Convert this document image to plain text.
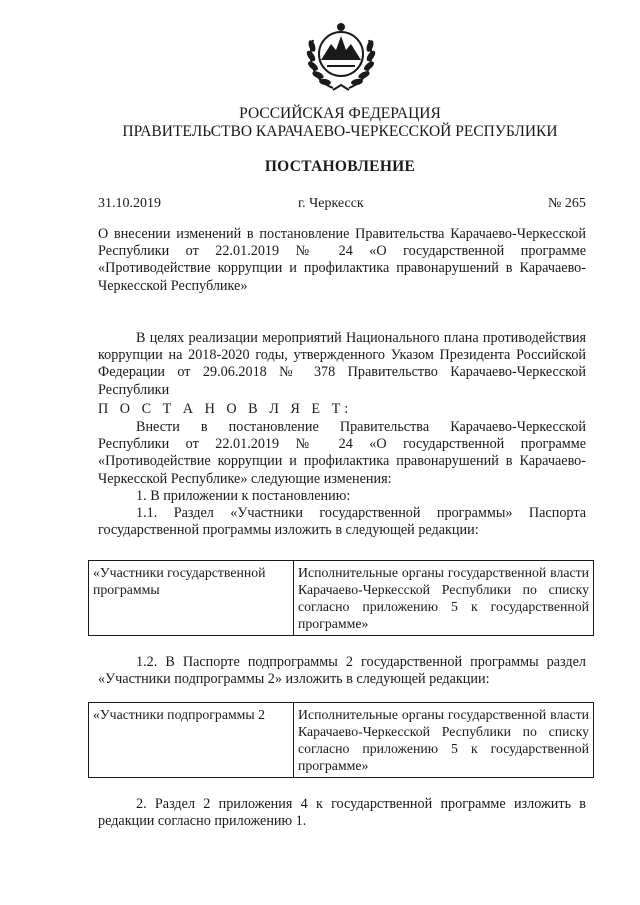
РОССИЙСКАЯ ФЕДЕРАЦИЯ
ПРАВИТЕЛЬСТВО КАРАЧАЕВО-ЧЕРКЕССКОЙ РЕСПУБЛИКИ
ПОСТАНОВЛЕНИЕ
31.10.2019	г. Черкесск	№ 265
О внесении изменений в постановление Правительства Карачаево-Черкесской Республики от 22.01.2019 № 24 «О государственной программе «Противодействие коррупции и профилактика правонарушений в Карачаево-Черкесской Республике»
В целях реализации мероприятий Национального плана противодействия коррупции на 2018-2020 годы, утвержденного Указом Президента Российской Федерации от 29.06.2018 № 378 Правительство Карачаево-Черкесской Республики
П О С Т А Н О В Л Я Е Т:
Внести в постановление Правительства Карачаево-Черкесской Республики от 22.01.2019 № 24 «О государственной программе «Противодействие коррупции и профилактика правонарушений в Карачаево-Черкесской Республике» следующие изменения:
1. В приложении к постановлению:
1.1. Раздел «Участники государственной программы» Паспорта государственной программы изложить в следующей редакции:
«Участники государственной программы	Исполнительные органы государственной власти Карачаево-Черкесской Республики по списку согласно приложению 5 к государственной программе»
1.2. В Паспорте подпрограммы 2 государственной программы раздел «Участники подпрограммы 2» изложить в следующей редакции:
«Участники подпрограммы 2	Исполнительные органы государственной власти Карачаево-Черкесской Республики по списку согласно приложению 5 к государственной программе»
2. Раздел 2 приложения 4 к государственной программе изложить в редакции согласно приложению 1.
